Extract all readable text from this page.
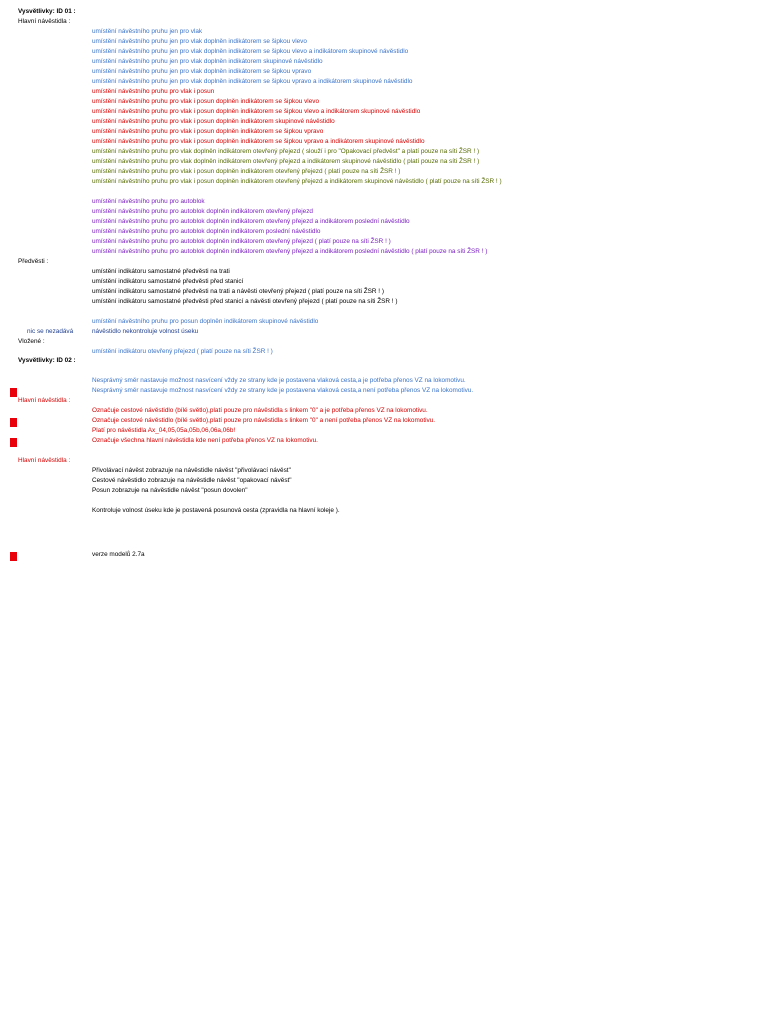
Vysvětlivky: ID 01 :
Hlavní návěstidla :
Předvěsti :
nic se nezadává
Vložené :
Vysvětlivky: ID 02 :
Hlavní návěstidla :
Hlavní návěstidla :
umístění návěstního pruhu jen pro vlak
umístění návěstního pruhu jen pro vlak doplněn indikátorem se šipkou vlevo
umístění návěstního pruhu jen pro vlak doplněn indikátorem se šipkou vlevo a indikátorem skupinové návěstidlo
umístění návěstního pruhu jen pro vlak doplněn indikátorem skupinové návěstidlo
umístění návěstního pruhu jen pro vlak doplněn indikátorem se šipkou vpravo
umístění návěstního pruhu jen pro vlak doplněn indikátorem se šipkou vpravo a indikátorem skupinové návěstidlo
umístění návěstního pruhu pro vlak i posun
umístění návěstního pruhu pro vlak i posun doplněn indikátorem se šipkou vlevo
umístění návěstního pruhu pro vlak i posun doplněn indikátorem se šipkou vlevo a indikátorem skupinové návěstidlo
umístění návěstního pruhu pro vlak i posun doplněn indikátorem skupinové návěstidlo
umístění návěstního pruhu pro vlak i posun doplněn indikátorem se šipkou vpravo
umístění návěstního pruhu pro vlak i posun doplněn indikátorem se šipkou vpravo a indikátorem skupinové návěstidlo
umístění návěstního pruhu pro vlak doplněn indikátorem otevřený přejezd ( slouží i pro "Opakovací předvěst" a platí pouze na síti ŽSR ! )
umístění návěstního pruhu pro vlak doplněn indikátorem otevřený přejezd a indikátorem skupinové návěstidlo ( platí pouze na síti ŽSR ! )
umístění návěstního pruhu pro vlak i posun doplněn indikátorem otevřený přejezd ( platí pouze na síti ŽSR ! )
umístění návěstního pruhu pro vlak i posun doplněn indikátorem otevřený přejezd a indikátorem skupinové návěstidlo ( platí pouze na síti ŽSR ! )
umístění návěstního pruhu pro autoblok
umístění návěstního pruhu pro autoblok doplněn indikátorem otevřený přejezd
umístění návěstního pruhu pro autoblok doplněn indikátorem otevřený přejezd a indikátorem poslední návěstidlo
umístění návěstního pruhu pro autoblok doplněn indikátorem poslední návěstidlo
umístění návěstního pruhu pro autoblok doplněn indikátorem otevřený přejezd ( platí pouze na síti ŽSR ! )
umístění návěstního pruhu pro autoblok doplněn indikátorem otevřený přejezd a indikátorem poslední návěstidlo ( platí pouze na síti ŽSR ! )
umístění indikátoru samostatné předvěsti na trati
umístění indikátoru samostatné předvěsti před stanicí
umístění indikátoru samostatné předvěsti na trati a návěsti otevřený přejezd ( platí pouze na síti ŽSR ! )
umístění indikátoru samostatné předvěsti před stanicí a návěsti otevřený přejezd ( platí pouze na síti ŽSR ! )
umístění návěstního pruhu pro posun doplněn indikátorem skupinové návěstidlo
návěstidlo nekontroluje volnost úseku
umístění indikátoru otevřený přejezd ( platí pouze na síti ŽSR ! )
Nesprávný směr nastavuje možnost nasvícení vždy ze strany kde je postavena vlaková cesta,a je potřeba přenos VZ na lokomotivu.
Nesprávný směr nastavuje možnost nasvícení vždy ze strany kde je postavena vlaková cesta,a není potřeba přenos VZ na lokomotivu.
Označuje cestové návěstidlo (bílé světlo),platí pouze pro návěstidla s linkem "0" a je potřeba přenos VZ na lokomotivu.
Označuje cestové návěstidlo (bílé světlo),platí pouze pro návěstidla s linkem "0" a není potřeba přenos VZ na lokomotivu.
Platí pro návěstidla Ax_04,05,05a,05b,06,06a,06b!
Označuje všechna hlavní návěstidla kde není potřeba přenos VZ na lokomotivu.
Přivolávací návěst zobrazuje na návěstidle návěst "přivolávací návěst"
Cestové návěstidlo zobrazuje na návěstidle návěst "opakovací návěst"
Posun zobrazuje na návěstidle návěst "posun dovolen"
Kontroluje volnost úseku kde je postavená posunová cesta (zpravidla na hlavní koleje ).
verze modelů 2.7a
